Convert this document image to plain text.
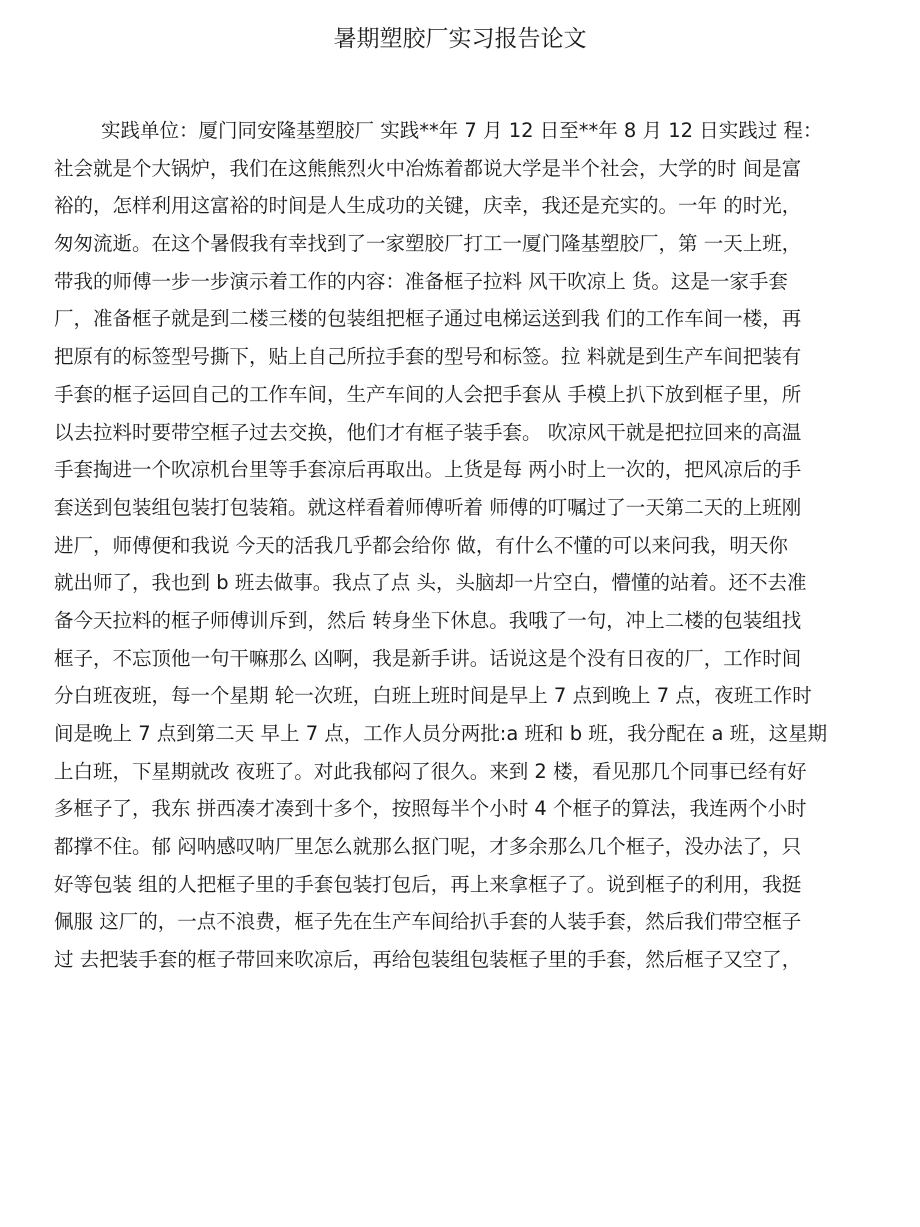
暑期塑胶厂实习报告论文
实践单位：厦门同安隆基塑胶厂 实践**年 7 月 12 日至**年 8 月 12 日实践过 程：
社会就是个大锅炉，我们在这熊熊烈火中冶炼着都说大学是半个社会，大学的时 间是富
裕的，怎样利用这富裕的时间是人生成功的关键，庆幸，我还是充实的。一年 的时光，
匆匆流逝。在这个暑假我有幸找到了一家塑胶厂打工一厦门隆基塑胶厂，第 一天上班，
带我的师傅一步一步演示着工作的内容：准备框子拉料 风干吹凉上 货。这是一家手套
厂，准备框子就是到二楼三楼的包装组把框子通过电梯运送到我 们的工作车间一楼，再
把原有的标签型号撕下，贴上自己所拉手套的型号和标签。拉 料就是到生产车间把装有
手套的框子运回自己的工作车间，生产车间的人会把手套从 手模上扒下放到框子里，所
以去拉料时要带空框子过去交换，他们才有框子装手套。 吹凉风干就是把拉回来的高温
手套掏进一个吹凉机台里等手套凉后再取出。上货是每 两小时上一次的，把风凉后的手
套送到包装组包装打包装箱。就这样看着师傅听着 师傅的叮嘱过了一天第二天的上班刚
进厂，师傅便和我说 今天的活我几乎都会给你 做，有什么不懂的可以来问我，明天你
就出师了，我也到 b 班去做事。我点了点 头，头脑却一片空白，懵懂的站着。还不去准
备今天拉料的框子师傅训斥到，然后 转身坐下休息。我哦了一句，冲上二楼的包装组找
框子，不忘顶他一句干嘛那么 凶啊，我是新手讲。话说这是个没有日夜的厂，工作时间
分白班夜班，每一个星期 轮一次班，白班上班时间是早上 7 点到晚上 7 点，夜班工作时
间是晚上 7 点到第二天 早上 7 点，工作人员分两批:a 班和 b 班，我分配在 a 班，这星期
上白班，下星期就改 夜班了。对此我郁闷了很久。来到 2 楼，看见那几个同事已经有好
多框子了，我东 拼西凑才凑到十多个，按照每半个小时 4 个框子的算法，我连两个小时
都撑不住。郁 闷呐感叹呐厂里怎么就那么抠门呢，才多余那么几个框子，没办法了，只
好等包装 组的人把框子里的手套包装打包后，再上来拿框子了。说到框子的利用，我挺
佩服 这厂的，一点不浪费，框子先在生产车间给扒手套的人装手套，然后我们带空框子
过 去把装手套的框子带回来吹凉后，再给包装组包装框子里的手套，然后框子又空了，
